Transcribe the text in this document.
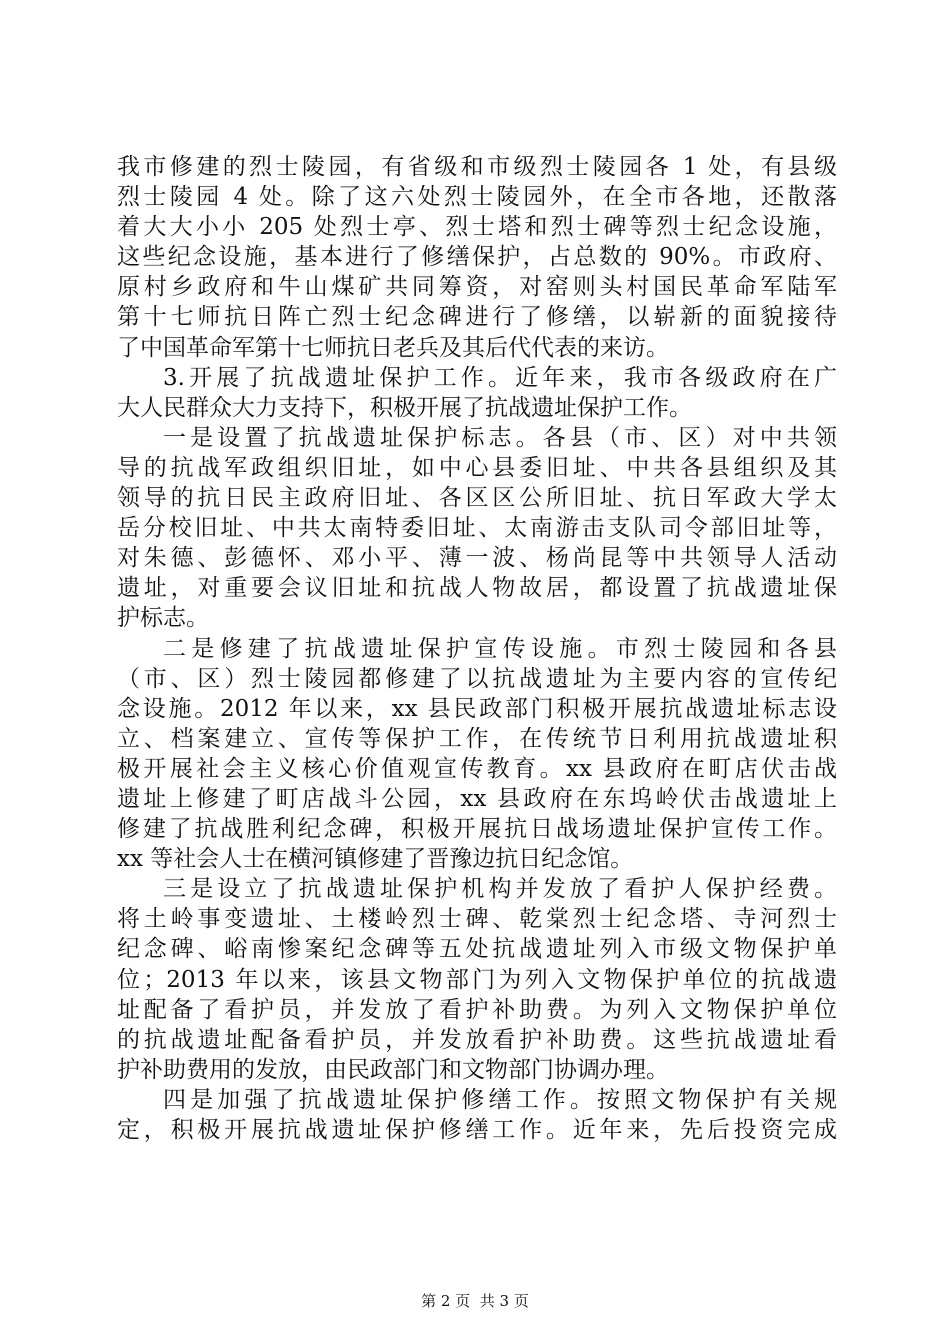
我市修建的烈士陵园，有省级和市级烈士陵园各 1 处，有县级
烈士陵园 4 处。除了这六处烈士陵园外，在全市各地，还散落
着大大小小 205 处烈士亭、烈士塔和烈士碑等烈士纪念设施，
这些纪念设施，基本进行了修缮保护，占总数的 90%。市政府、
原村乡政府和牛山煤矿共同筹资，对窑则头村国民革命军陆军
第十七师抗日阵亡烈士纪念碑进行了修缮，以崭新的面貌接待
了中国革命军第十七师抗日老兵及其后代代表的来访。
3.开展了抗战遗址保护工作。近年来，我市各级政府在广
大人民群众大力支持下，积极开展了抗战遗址保护工作。
一是设置了抗战遗址保护标志。各县（市、区）对中共领
导的抗战军政组织旧址，如中心县委旧址、中共各县组织及其
领导的抗日民主政府旧址、各区区公所旧址、抗日军政大学太
岳分校旧址、中共太南特委旧址、太南游击支队司令部旧址等，
对朱德、彭德怀、邓小平、薄一波、杨尚昆等中共领导人活动
遗址，对重要会议旧址和抗战人物故居，都设置了抗战遗址保
护标志。
二是修建了抗战遗址保护宣传设施。市烈士陵园和各县
（市、区）烈士陵园都修建了以抗战遗址为主要内容的宣传纪
念设施。2012 年以来，xx 县民政部门积极开展抗战遗址标志设
立、档案建立、宣传等保护工作，在传统节日利用抗战遗址积
极开展社会主义核心价值观宣传教育。xx 县政府在町店伏击战
遗址上修建了町店战斗公园，xx 县政府在东坞岭伏击战遗址上
修建了抗战胜利纪念碑，积极开展抗日战场遗址保护宣传工作。
xx 等社会人士在横河镇修建了晋豫边抗日纪念馆。
三是设立了抗战遗址保护机构并发放了看护人保护经费。
将土岭事变遗址、土楼岭烈士碑、乾棠烈士纪念塔、寺河烈士
纪念碑、峪南惨案纪念碑等五处抗战遗址列入市级文物保护单
位；2013 年以来，该县文物部门为列入文物保护单位的抗战遗
址配备了看护员，并发放了看护补助费。为列入文物保护单位
的抗战遗址配备看护员，并发放看护补助费。这些抗战遗址看
护补助费用的发放，由民政部门和文物部门协调办理。
四是加强了抗战遗址保护修缮工作。按照文物保护有关规
定，积极开展抗战遗址保护修缮工作。近年来，先后投资完成
第 2 页  共 3 页
